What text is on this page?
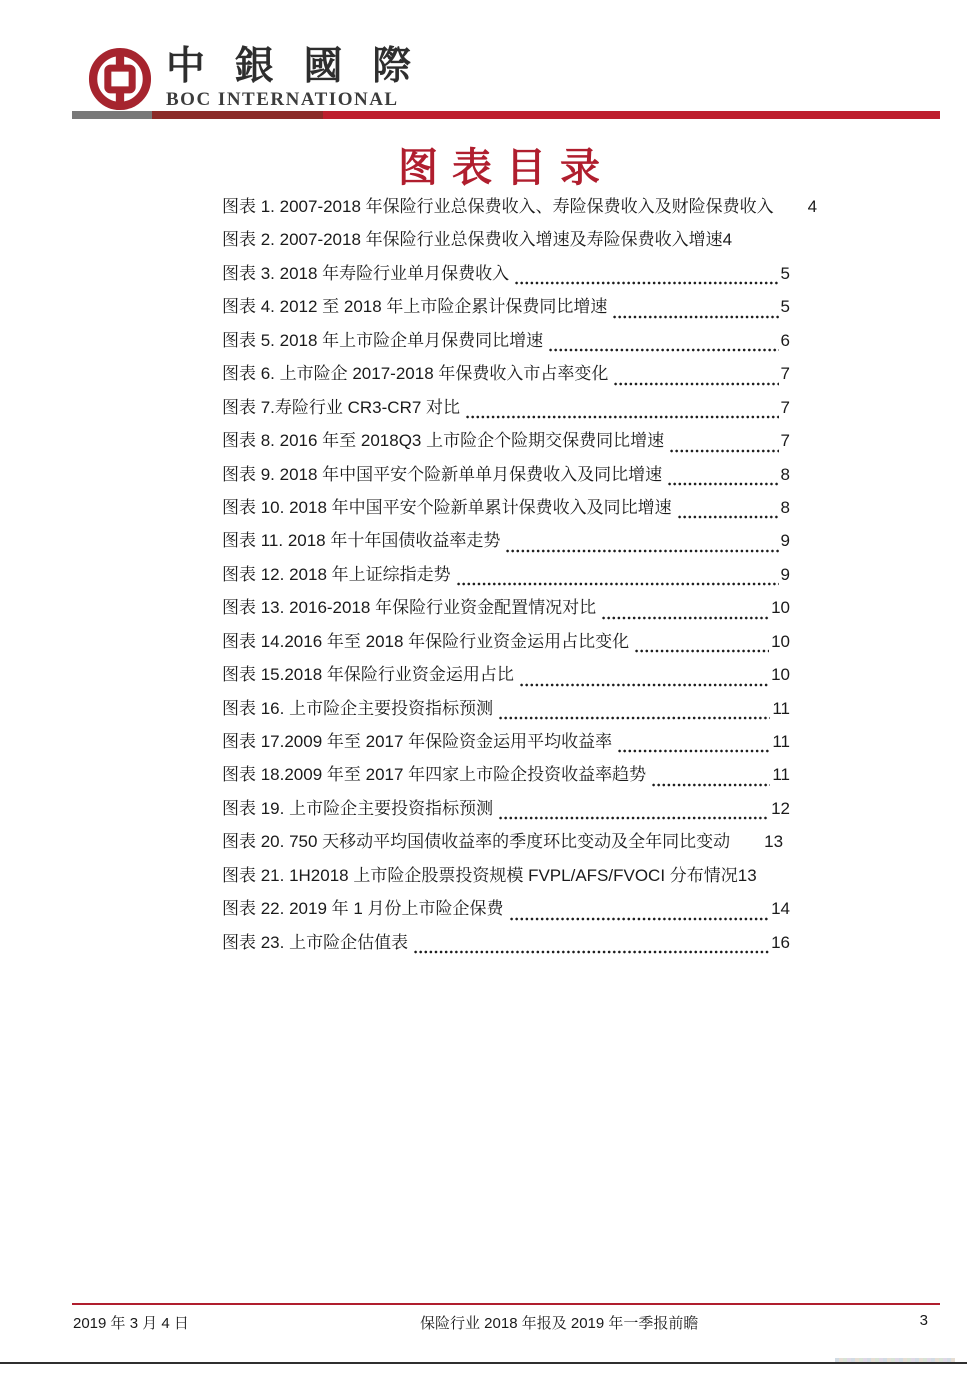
中 銀 國 際
BOC INTERNATIONAL
图表目录
图表 1. 2007-2018 年保险行业总保费收入、寿险保费收入及财险保费收入 4
图表 2. 2007-2018 年保险行业总保费收入增速及寿险保费收入增速 4
图表 3. 2018 年寿险行业单月保费收入	5
图表 4. 2012 至 2018 年上市险企累计保费同比增速	5
图表 5. 2018 年上市险企单月保费同比增速	6
图表 6. 上市险企 2017-2018 年保费收入市占率变化	7
图表 7.寿险行业 CR3-CR7 对比	7
图表 8. 2016 年至 2018Q3 上市险企个险期交保费同比增速	7
图表 9. 2018 年中国平安个险新单单月保费收入及同比增速	8
图表 10. 2018 年中国平安个险新单累计保费收入及同比增速	8
图表 11. 2018 年十年国债收益率走势	9
图表 12. 2018 年上证综指走势	9
图表 13. 2016-2018 年保险行业资金配置情况对比	10
图表 14.2016 年至 2018 年保险行业资金运用占比变化	10
图表 15.2018 年保险行业资金运用占比	10
图表 16. 上市险企主要投资指标预测	11
图表 17.2009 年至 2017 年保险资金运用平均收益率	11
图表 18.2009 年至 2017 年四家上市险企投资收益率趋势	11
图表 19. 上市险企主要投资指标预测	12
图表 20. 750 天移动平均国债收益率的季度环比变动及全年同比变动 13
图表 21. 1H2018 上市险企股票投资规模 FVPL/AFS/FVOCI 分布情况 13
图表 22. 2019 年 1 月份上市险企保费	14
图表 23. 上市险企估值表	16
2019 年 3 月 4 日	保险行业 2018 年报及 2019 年一季报前瞻	3
